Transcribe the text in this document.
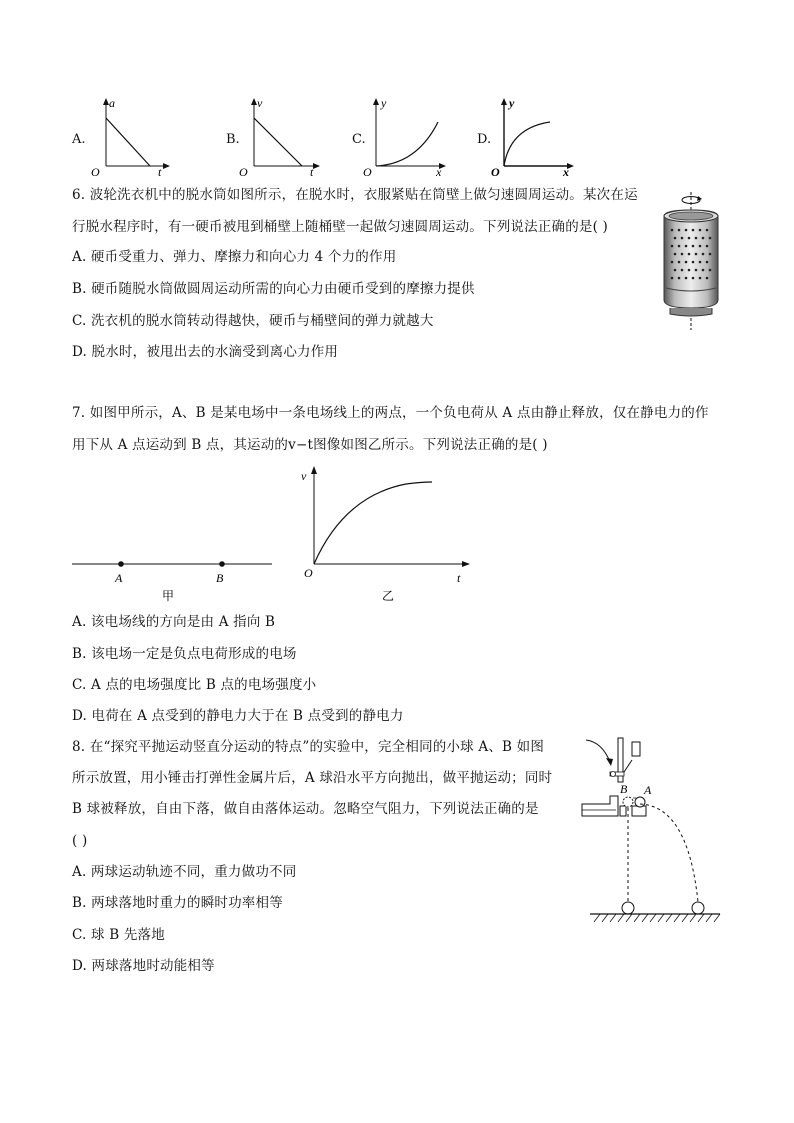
A.
a
t
O
B.
v
t
O
C.
y
x
O
D.
y
x
O
6. 波轮洗衣机中的脱水筒如图所示，在脱水时，衣服紧贴在筒壁上做匀速圆周运动。某次在运
行脱水程序时，有一硬币被甩到桶壁上随桶壁一起做匀速圆周运动。下列说法正确的是( )
A. 硬币受重力、弹力、摩擦力和向心力 4 个力的作用
B. 硬币随脱水筒做圆周运动所需的向心力由硬币受到的摩擦力提供
C. 洗衣机的脱水筒转动得越快，硬币与桶壁间的弹力就越大
D. 脱水时，被甩出去的水滴受到离心力作用
7. 如图甲所示，A、B 是某电场中一条电场线上的两点，一个负电荷从 A 点由静止释放，仅在静电力的作
用下从 A 点运动到 B 点，其运动的v−t图像如图乙所示。下列说法正确的是( )
A	B
甲
v
t
O
乙
A. 该电场线的方向是由 A 指向 B
B. 该电场一定是负点电荷形成的电场
C. A 点的电场强度比 B 点的电场强度小
D. 电荷在 A 点受到的静电力大于在 B 点受到的静电力
8. 在“探究平抛运动竖直分运动的特点”的实验中，完全相同的小球 A、B 如图
所示放置，用小锤击打弹性金属片后，A 球沿水平方向抛出，做平抛运动；同时
B 球被释放，自由下落，做自由落体运动。忽略空气阻力，下列说法正确的是
( )
A. 两球运动轨迹不同，重力做功不同
B. 两球落地时重力的瞬时功率相等
C. 球 B 先落地
D. 两球落地时动能相等
B A
